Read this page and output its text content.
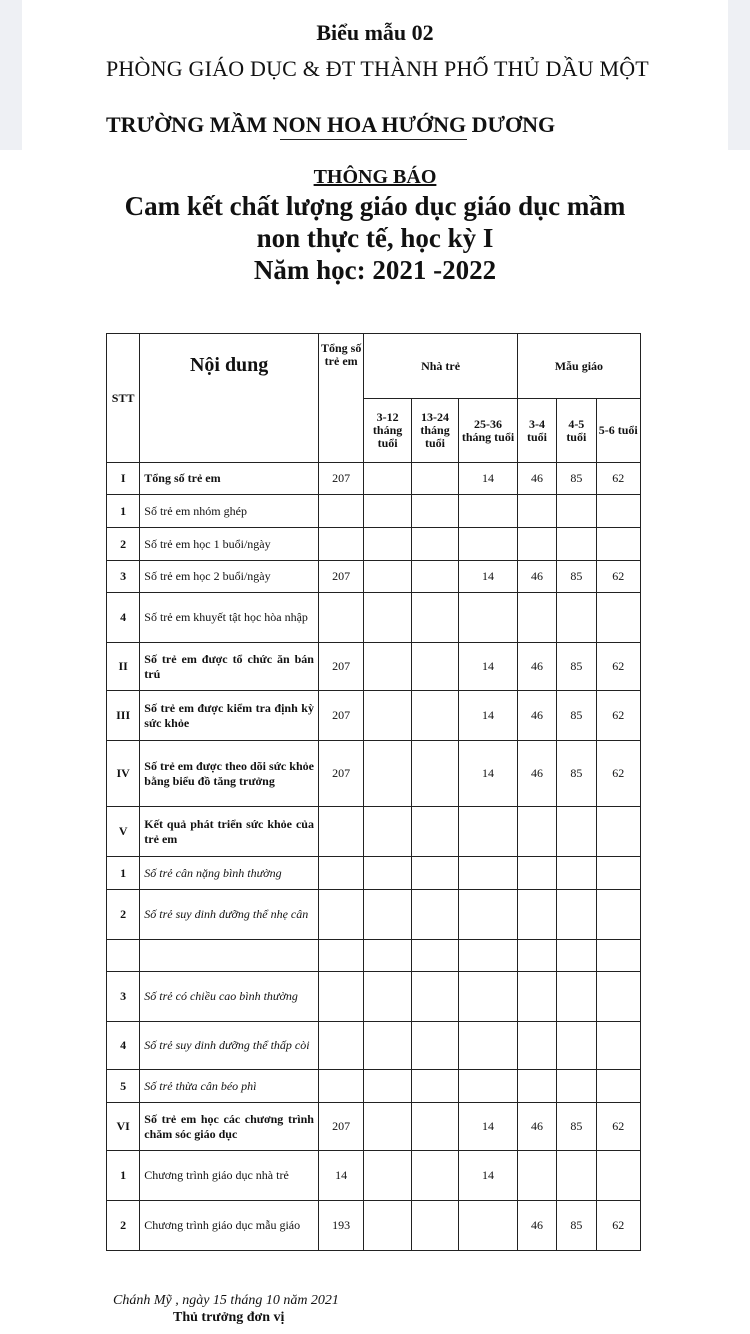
Biểu mẫu 02
PHÒNG GIÁO DỤC & ĐT THÀNH PHỐ THỦ DẦU MỘT
TRƯỜNG MẦM NON HOA HƯỚNG DƯƠNG
THÔNG BÁO
Cam kết chất lượng giáo dục giáo dục mầm
non thực tế, học kỳ I
Năm học: 2021 -2022
STT	Nội dung	Tổng số trẻ em	Nhà trẻ			Mẫu giáo		
			3-12 tháng tuổi	13-24 tháng tuổi	25-36 tháng tuổi	3-4 tuổi	4-5 tuổi	5-6 tuổi
I	Tổng số trẻ em	207			14	46	85	62
1	Số trẻ em nhóm ghép							
2	Số trẻ em học 1 buổi/ngày							
3	Số trẻ em học 2 buổi/ngày	207			14	46	85	62
4	Số trẻ em khuyết tật học hòa nhập							
II	Số trẻ em được tổ chức ăn bán trú	207			14	46	85	62
III	Số trẻ em được kiểm tra định kỳ sức khỏe	207			14	46	85	62
IV	Số trẻ em được theo dõi sức khỏe bằng biểu đồ tăng trưởng	207			14	46	85	62
V	Kết quả phát triển sức khỏe của trẻ em							
1	Số trẻ cân nặng bình thường							
2	Số trẻ suy dinh dưỡng thể nhẹ cân							

3	Số trẻ có chiều cao bình thường							
4	Số trẻ suy dinh dưỡng thể thấp còi							
5	Số trẻ thừa cân béo phì							
VI	Số trẻ em học các chương trình chăm sóc giáo dục	207			14	46	85	62
1	Chương trình giáo dục nhà trẻ	14			14			
2	Chương trình giáo dục mẫu giáo	193				46	85	62
Chánh Mỹ , ngày 15 tháng 10 năm 2021
Thủ trưởng đơn vị
